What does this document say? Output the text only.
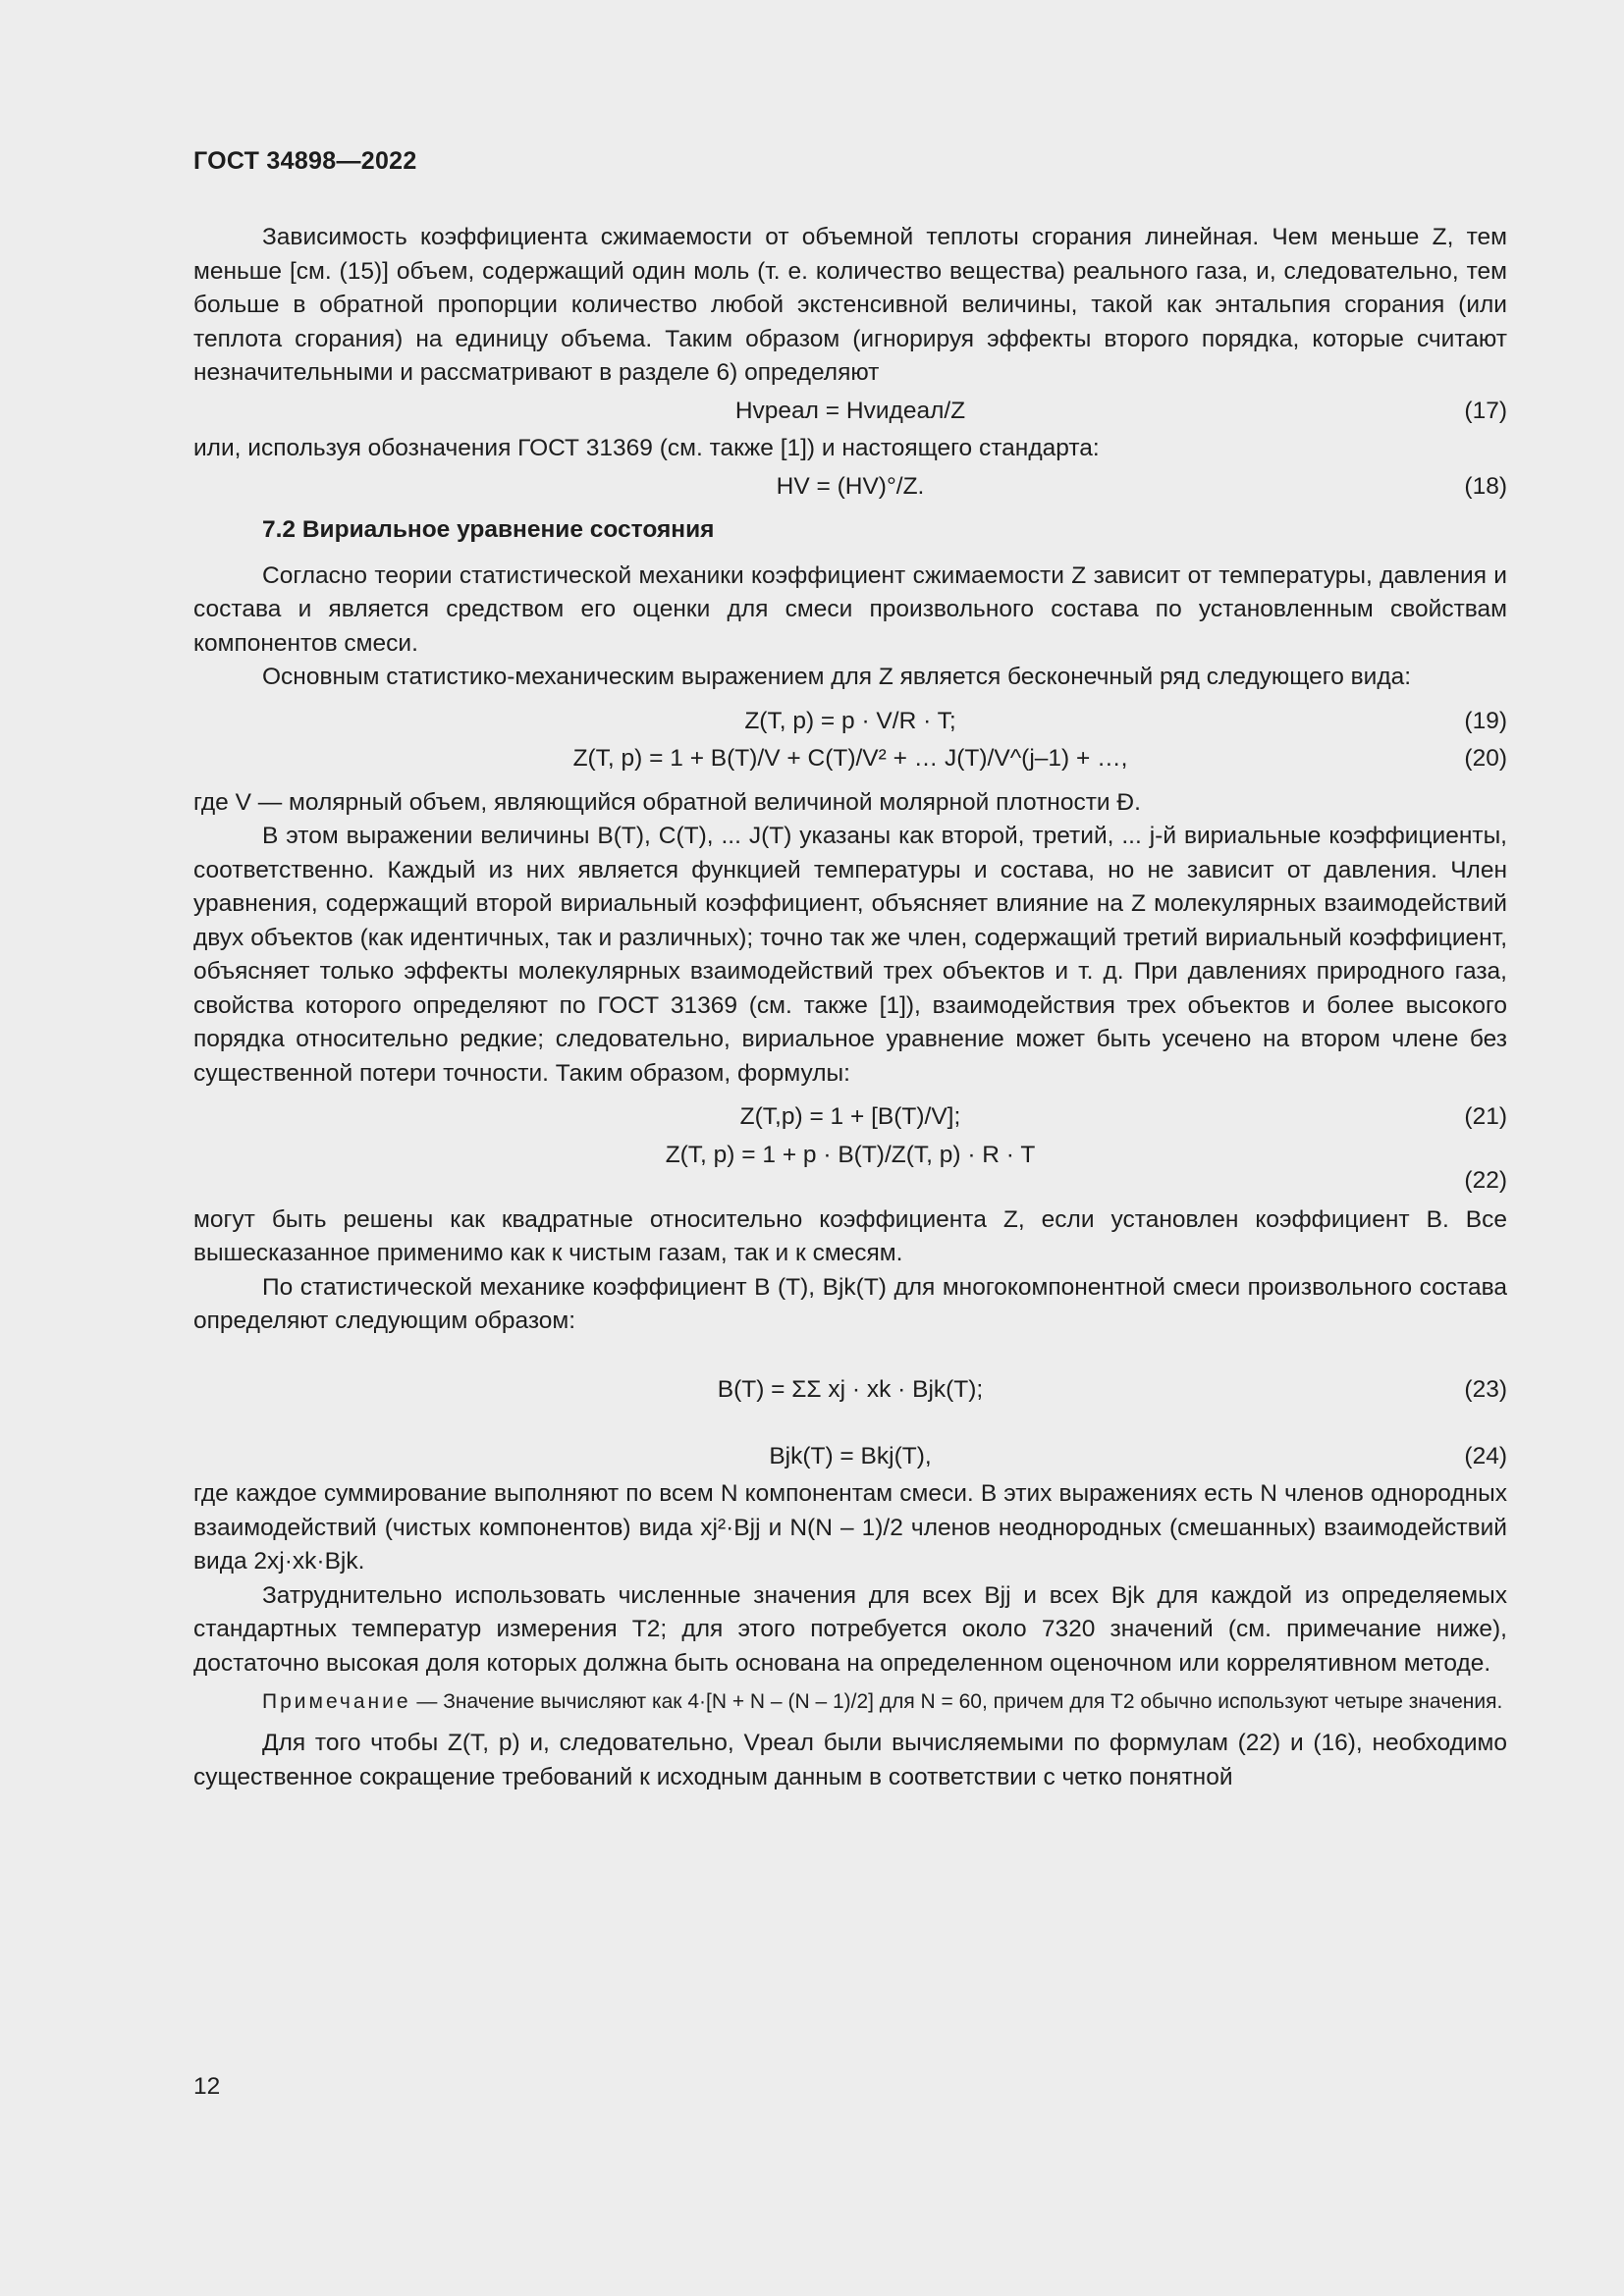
ГОСТ 34898—2022

Зависимость коэффициента сжимаемости от объемной теплоты сгорания линейная. Чем меньше Z, тем меньше [см. (15)] объем, содержащий один моль (т. е. количество вещества) реального газа, и, следовательно, тем больше в обратной пропорции количество любой экстенсивной величины, такой как энтальпия сгорания (или теплота сгорания) на единицу объема. Таким образом (игнорируя эффекты второго порядка, которые считают незначительными и рассматривают в разделе 6) определяют

Hvреал = Hvидеал/Z	(17)

или, используя обозначения ГОСТ 31369 (см. также [1]) и настоящего стандарта:

HV = (HV)°/Z.	(18)
7.2 Вириальное уравнение состояния

Согласно теории статистической механики коэффициент сжимаемости Z зависит от температуры, давления и состава и является средством его оценки для смеси произвольного состава по установленным свойствам компонентов смеси.

Основным статистико-механическим выражением для Z является бесконечный ряд следующего вида:

Z(T, p) = p · V/R · T;	(19)
Z(T, p) = 1 + B(T)/V + C(T)/V² + … J(T)/V^(j–1) + …,	(20)

где V — молярный объем, являющийся обратной величиной молярной плотности Đ.

В этом выражении величины B(T), C(T), ... J(T) указаны как второй, третий, ... j-й вириальные коэффициенты, соответственно. Каждый из них является функцией температуры и состава, но не зависит от давления. Член уравнения, содержащий второй вириальный коэффициент, объясняет влияние на Z молекулярных взаимодействий двух объектов (как идентичных, так и различных); точно так же член, содержащий третий вириальный коэффициент, объясняет только эффекты молекулярных взаимодействий трех объектов и т. д. При давлениях природного газа, свойства которого определяют по ГОСТ 31369 (см. также [1]), взаимодействия трех объектов и более высокого порядка относительно редкие; следовательно, вириальное уравнение может быть усечено на втором члене без существенной потери точности. Таким образом, формулы:

Z(T,p) = 1 + [B(T)/V];	(21)
Z(T, p) = 1 + p · B(T)/Z(T, p) · R · T
(22)

могут быть решены как квадратные относительно коэффициента Z, если установлен коэффициент B. Все вышесказанное применимо как к чистым газам, так и к смесям.

По статистической механике коэффициент B (T), Bjk(T) для многокомпонентной смеси произвольного состава определяют следующим образом:

B(T) = ΣΣ xj · xk · Bjk(T);	(23)
Bjk(T) = Bkj(T),	(24)

где каждое суммирование выполняют по всем N компонентам смеси. В этих выражениях есть N членов однородных взаимодействий (чистых компонентов) вида xj²·Bjj и N(N – 1)/2 членов неоднородных (смешанных) взаимодействий вида 2xj·xk·Bjk.

Затруднительно использовать численные значения для всех Bjj и всех Bjk для каждой из определяемых стандартных температур измерения T2; для этого потребуется около 7320 значений (см. примечание ниже), достаточно высокая доля которых должна быть основана на определенном оценочном или коррелятивном методе.

Примечание — Значение вычисляют как 4·[N + N – (N – 1)/2] для N = 60, причем для T2 обычно используют четыре значения.

Для того чтобы Z(T, p) и, следовательно, Vреал были вычисляемыми по формулам (22) и (16), необходимо существенное сокращение требований к исходным данным в соответствии с четко понятной

12
